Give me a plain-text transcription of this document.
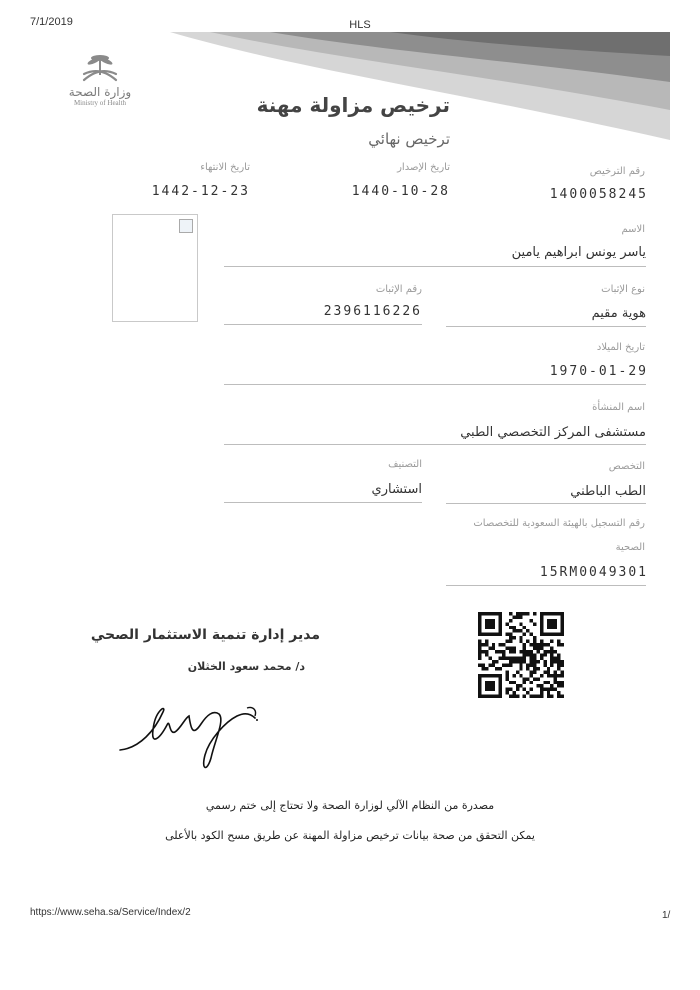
7/1/2019	HLS
وزارة الصحة
Ministry of Health	ترخيص مزاولة مهنة
ترخيص نهائي
رقم الترخيص
1400058245
تاريخ الإصدار
1440-10-28
تاريخ الانتهاء
1442-12-23
الاسم
ياسر يونس ابراهيم يامين
نوع الإثبات
هوية مقيم
رقم الإثبات
2396116226
تاريخ الميلاد
1970-01-29
اسم المنشأة
مستشفى المركز التخصصي الطبي
التخصص
الطب الباطني
التصنيف
استشاري
رقم التسجيل بالهيئة السعودية للتخصصات
الصحية
15RM0049301
مدير إدارة تنمية الاستثمار الصحي
د/ محمد سعود الخثلان
مصدرة من النظام الآلي لوزارة الصحة ولا تحتاج إلى ختم رسمي
يمكن التحقق من صحة بيانات ترخيص مزاولة المهنة عن طريق مسح الكود بالأعلى
https://www.seha.sa/Service/Index/2	1/
